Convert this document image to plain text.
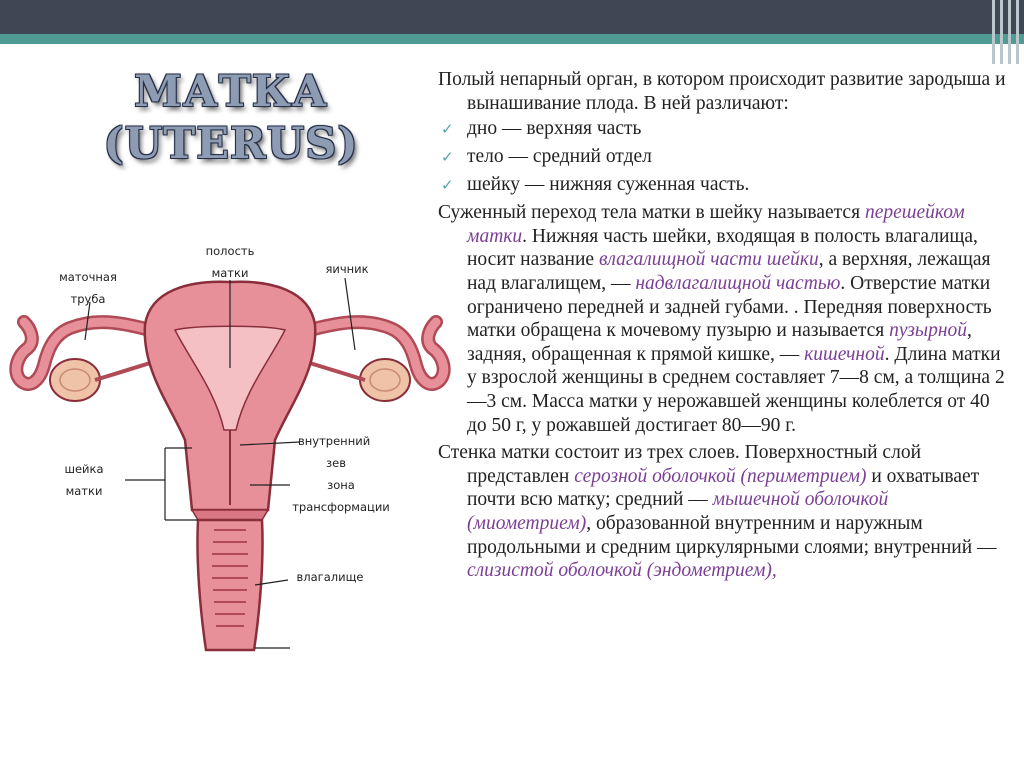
МАТКА
(UTERUS)
полость
матки	яичник
маточная
труба
шейка
матки
внутренний
зев
зона
трансформации
влагалище

Полый непарный орган, в котором происходит развитие зародыша и вынашивание плода. В ней различают:

✓ дно — верхняя часть
✓ тело — средний отдел
✓ шейку — нижняя суженная часть.

Суженный переход тела матки в шейку называется перешейком матки. Нижняя часть шейки, входящая в полость влагалища, носит название влагалищной части шейки, а верхняя, лежащая над влагалищем, — надвлагалищной частью. Отверстие матки ограничено передней и задней губами. . Передняя поверхность матки обращена к мочевому пузырю и называется пузырной, задняя, обращенная к прямой кишке, — кишечной. Длина матки у взрослой женщины в среднем составляет 7—8 см, а толщина 2—3 см. Масса матки у нерожавшей женщины колеблется от 40 до 50 г, у рожавшей достигает 80—90 г.

Стенка матки состоит из трех слоев. Поверхностный слой представлен серозной оболочкой (периметрием) и охватывает почти всю матку; средний — мышечной оболочкой (миометрием), образованной внутренним и наружным продольными и средним циркулярными слоями; внутренний — слизистой оболочкой (эндометрием),
